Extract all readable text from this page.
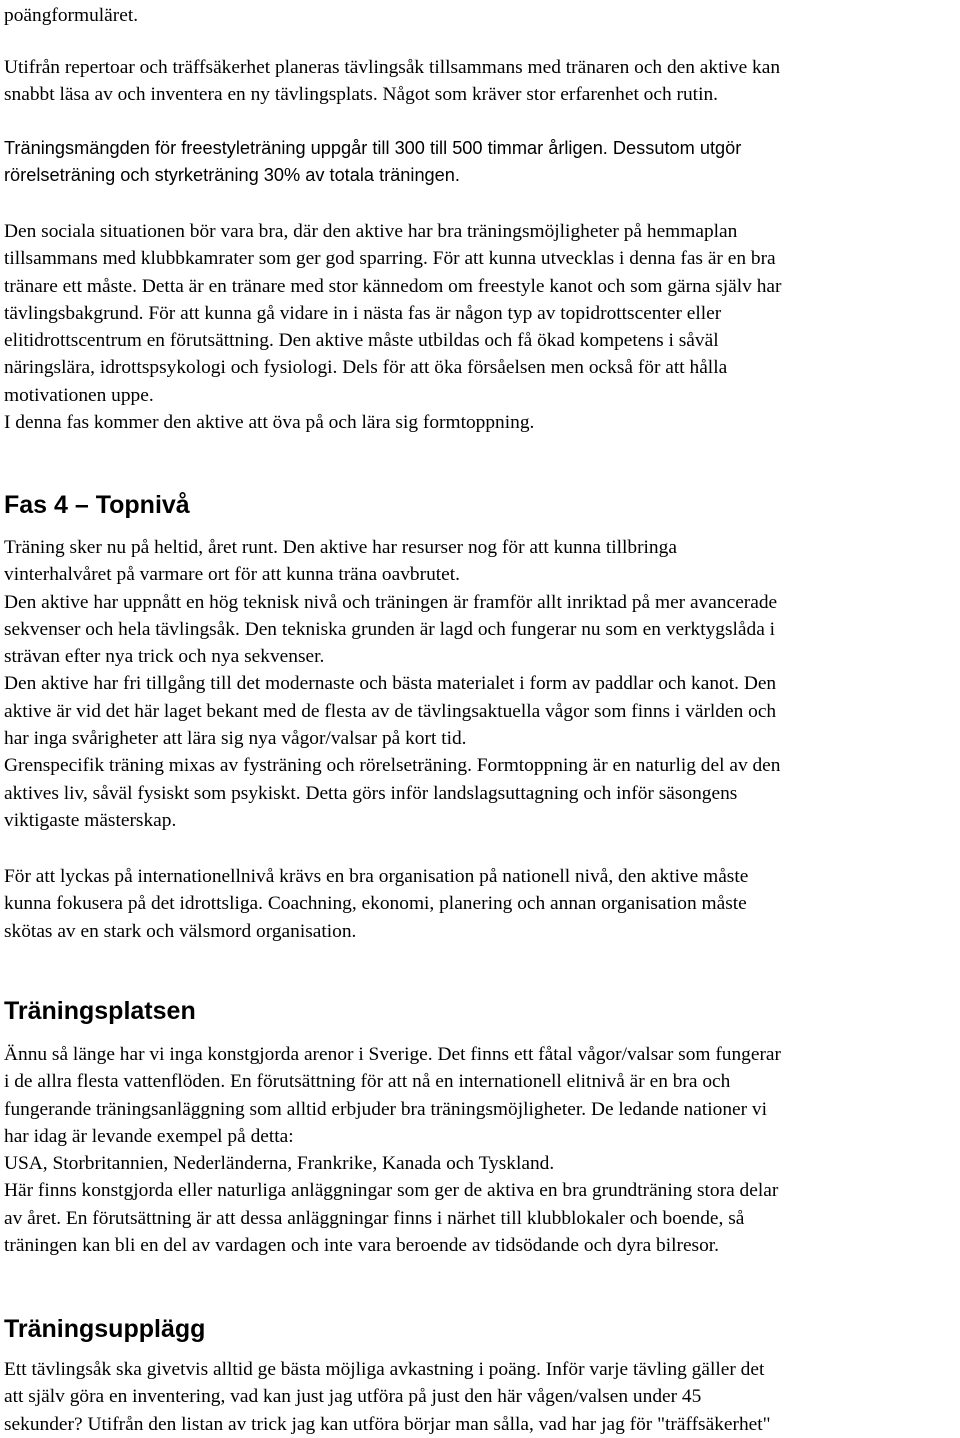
poängformuläret.

Utifrån repertoar och träffsäkerhet planeras tävlingsåk tillsammans med tränaren och den aktive kan
snabbt läsa av och inventera en ny tävlingsplats. Något som kräver stor erfarenhet och rutin.

Träningsmängden för freestyleträning uppgår till 300 till 500 timmar årligen. Dessutom utgör
rörelseträning och styrketräning 30% av totala träningen.

Den sociala situationen bör vara bra, där den aktive har bra träningsmöjligheter på hemmaplan
tillsammans med klubbkamrater som ger god sparring. För att kunna utvecklas i denna fas är en bra
tränare ett måste. Detta är en tränare med stor kännedom om freestyle kanot och som gärna själv har
tävlingsbakgrund. För att kunna gå vidare in i nästa fas är någon typ av topidrottscenter eller
elitidrottscentrum en förutsättning. Den aktive måste utbildas och få ökad kompetens i såväl
näringslära, idrottspsykologi och fysiologi. Dels för att öka försåelsen men också för att hålla
motivationen uppe.
I denna fas kommer den aktive att öva på och lära sig formtoppning.

Fas 4 – Topnivå

Träning sker nu på heltid, året runt. Den aktive har resurser nog för att kunna tillbringa
vinterhalvåret på varmare ort för att kunna träna oavbrutet.
Den aktive har uppnått en hög teknisk nivå och träningen är framför allt inriktad på mer avancerade
sekvenser och hela tävlingsåk. Den tekniska grunden är lagd och fungerar nu som en verktygslåda i
strävan efter nya trick och nya sekvenser.
Den aktive har fri tillgång till det modernaste och bästa materialet i form av paddlar och kanot. Den
aktive är vid det här laget bekant med de flesta av de tävlingsaktuella vågor som finns i världen och
har inga svårigheter att lära sig nya vågor/valsar på kort tid.
Grenspecifik träning mixas av fysträning och rörelseträning. Formtoppning är en naturlig del av den
aktives liv, såväl fysiskt som psykiskt. Detta görs inför landslagsuttagning och inför säsongens
viktigaste mästerskap.

För att lyckas på internationellnivå krävs en bra organisation på nationell nivå, den aktive måste
kunna fokusera på det idrottsliga. Coachning, ekonomi, planering och annan organisation måste
skötas av en stark och välsmord organisation.

Träningsplatsen

Ännu så länge har vi inga konstgjorda arenor i Sverige. Det finns ett fåtal vågor/valsar som fungerar
i de allra flesta vattenflöden. En förutsättning för att nå en internationell elitnivå är en bra och
fungerande träningsanläggning som alltid erbjuder bra träningsmöjligheter. De ledande nationer vi
har idag är levande exempel på detta:
USA, Storbritannien, Nederländerna, Frankrike, Kanada och Tyskland.
Här finns konstgjorda eller naturliga anläggningar som ger de aktiva en bra grundträning stora delar
av året. En förutsättning är att dessa anläggningar finns i närhet till klubblokaler och boende, så
träningen kan bli en del av vardagen och inte vara beroende av tidsödande och dyra bilresor.

Träningsupplägg

Ett tävlingsåk ska givetvis alltid ge bästa möjliga avkastning i poäng. Inför varje tävling gäller det
att själv göra en inventering, vad kan just jag utföra på just den här vågen/valsen under 45
sekunder? Utifrån den listan av trick jag kan utföra börjar man sålla, vad har jag för "träffsäkerhet"
